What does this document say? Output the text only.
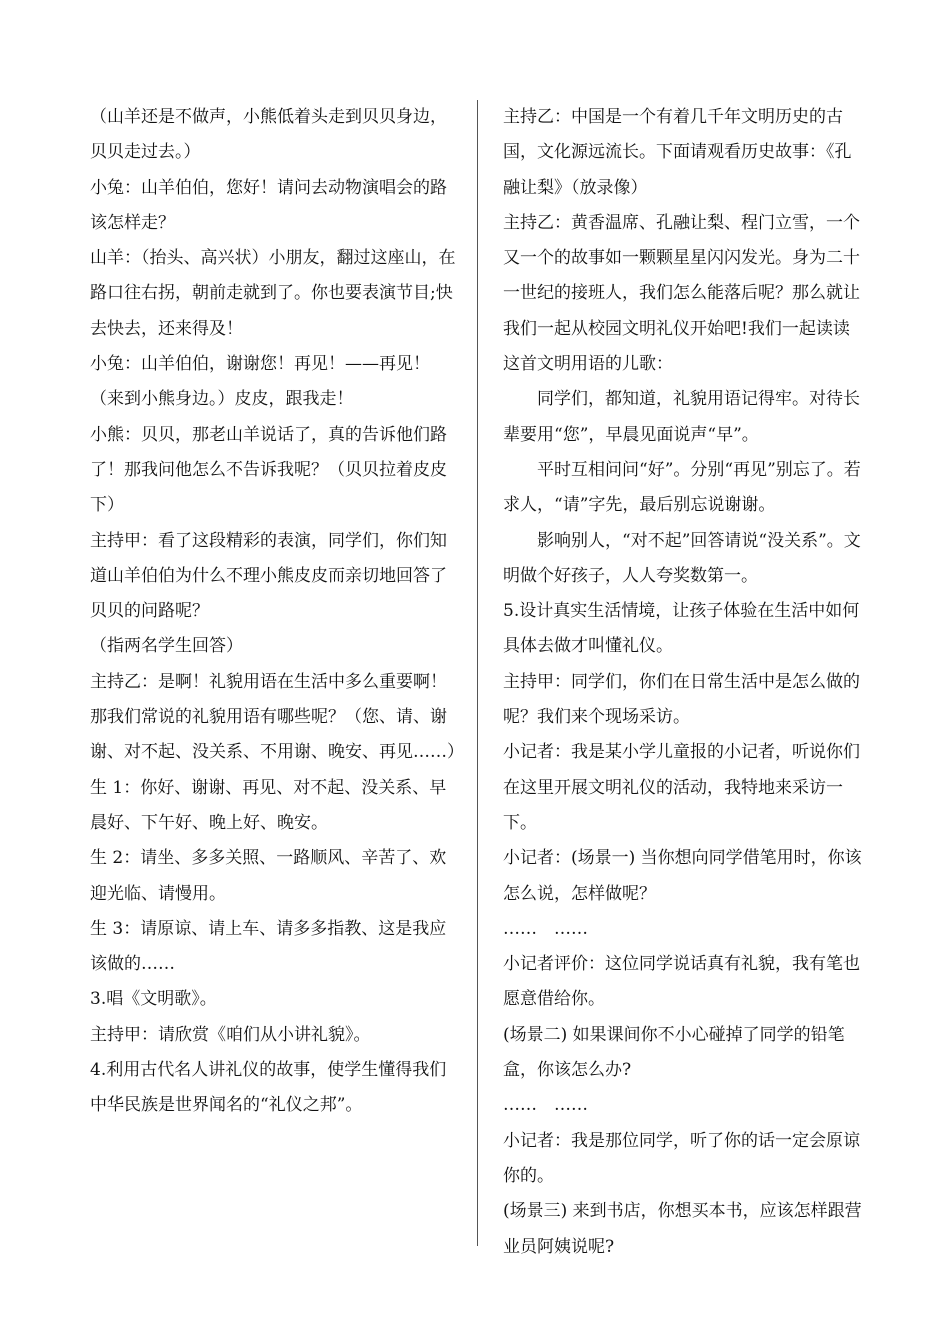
（山羊还是不做声，小熊低着头走到贝贝身边，贝贝走过去。）

小兔：山羊伯伯，您好！请问去动物演唱会的路该怎样走？

山羊：（抬头、高兴状）小朋友，翻过这座山，在路口往右拐，朝前走就到了。你也要表演节目;快去快去，还来得及！

小兔：山羊伯伯，谢谢您！再见！——再见！（来到小熊身边。）皮皮，跟我走！

小熊：贝贝，那老山羊说话了，真的告诉他们路了！那我问他怎么不告诉我呢？（贝贝拉着皮皮下）

主持甲：看了这段精彩的表演，同学们，你们知道山羊伯伯为什么不理小熊皮皮而亲切地回答了贝贝的问路呢？

（指两名学生回答）

主持乙：是啊！礼貌用语在生活中多么重要啊！那我们常说的礼貌用语有哪些呢？（您、请、谢谢、对不起、没关系、不用谢、晚安、再见……）

生 1：你好、谢谢、再见、对不起、没关系、早晨好、下午好、晚上好、晚安。

生 2：请坐、多多关照、一路顺风、辛苦了、欢迎光临、请慢用。

生 3：请原谅、请上车、请多多指教、这是我应该做的……

3.唱《文明歌》。

主持甲：请欣赏《咱们从小讲礼貌》。

4.利用古代名人讲礼仪的故事，使学生懂得我们中华民族是世界闻名的“礼仪之邦”。

主持乙：中国是一个有着几千年文明历史的古国，文化源远流长。下面请观看历史故事：《孔融让梨》（放录像）

主持乙：黄香温席、孔融让梨、程门立雪，一个又一个的故事如一颗颗星星闪闪发光。身为二十一世纪的接班人，我们怎么能落后呢？那么就让我们一起从校园文明礼仪开始吧!我们一起读读这首文明用语的儿歌：

同学们，都知道，礼貌用语记得牢。对待长辈要用“您”，早晨见面说声“早”。

平时互相问问“好”。分别“再见”别忘了。若求人，“请”字先，最后别忘说谢谢。

影响别人，“对不起”回答请说“没关系”。文明做个好孩子，人人夸奖数第一。

5.设计真实生活情境，让孩子体验在生活中如何具体去做才叫懂礼仪。

主持甲：同学们，你们在日常生活中是怎么做的呢？我们来个现场采访。

小记者：我是某小学儿童报的小记者，听说你们在这里开展文明礼仪的活动，我特地来采访一下。

小记者：(场景一) 当你想向同学借笔用时，你该怎么说，怎样做呢？

……　……

小记者评价：这位同学说话真有礼貌，我有笔也愿意借给你。

(场景二) 如果课间你不小心碰掉了同学的铅笔盒，你该怎么办?

……　……

小记者：我是那位同学，听了你的话一定会原谅你的。

(场景三) 来到书店，你想买本书，应该怎样跟营业员阿姨说呢?
